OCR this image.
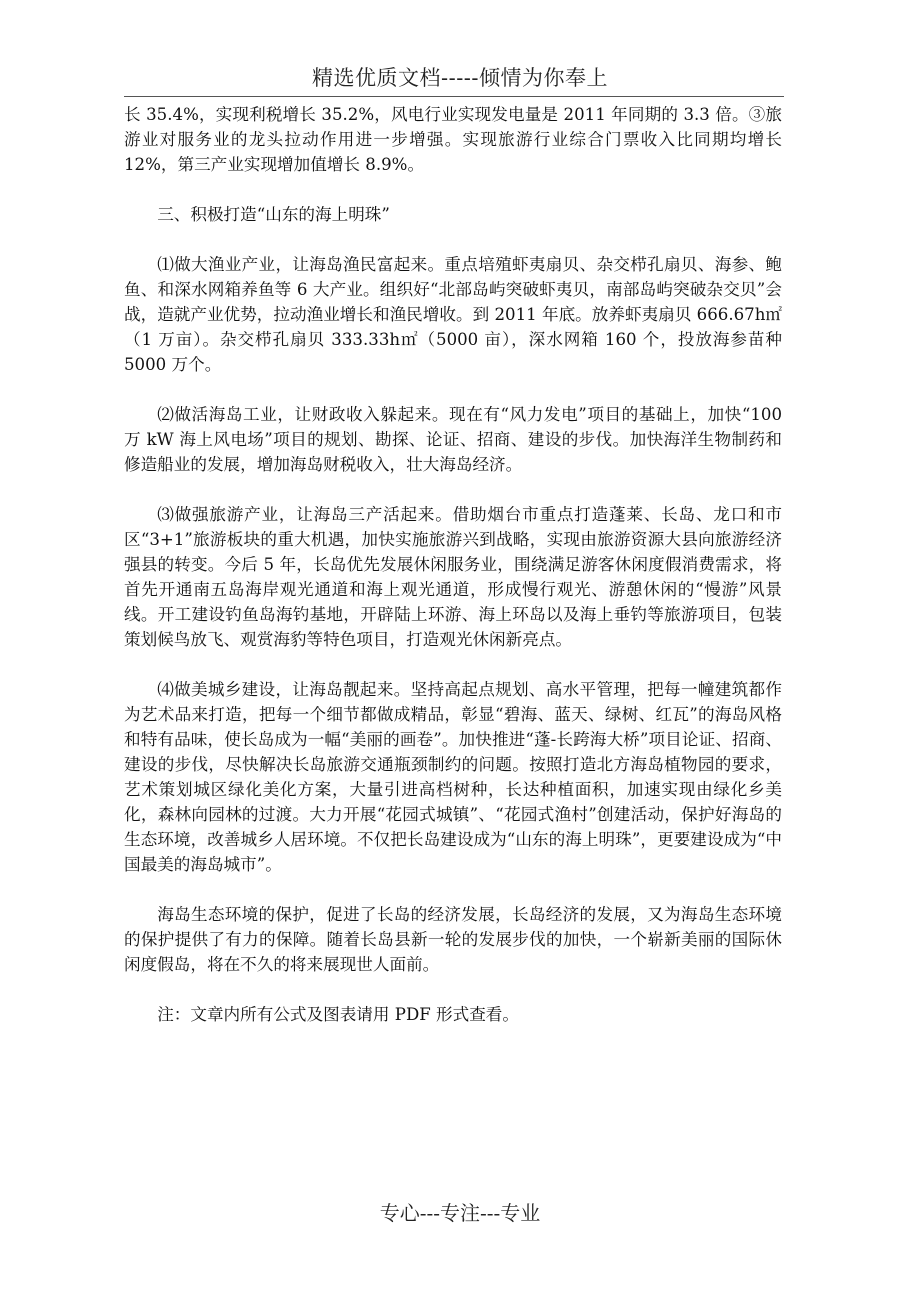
精选优质文档-----倾情为你奉上

长 35.4%，实现利税增长 35.2%，风电行业实现发电量是 2011 年同期的 3.3 倍。③旅游业对服务业的龙头拉动作用进一步增强。实现旅游行业综合门票收入比同期均增长 12%，第三产业实现增加值增长 8.9%。

三、积极打造“山东的海上明珠”

⑴做大渔业产业，让海岛渔民富起来。重点培殖虾夷扇贝、杂交栉孔扇贝、海参、鲍鱼、和深水网箱养鱼等 6 大产业。组织好“北部岛屿突破虾夷贝，南部岛屿突破杂交贝”会战，造就产业优势，拉动渔业增长和渔民增收。到 2011 年底。放养虾夷扇贝 666.67h㎡（1 万亩）。杂交栉孔扇贝 333.33h㎡（5000 亩），深水网箱 160 个，投放海参苗种 5000 万个。

⑵做活海岛工业，让财政收入躲起来。现在有“风力发电”项目的基础上，加快“100 万 kW 海上风电场”项目的规划、勘探、论证、招商、建设的步伐。加快海洋生物制药和修造船业的发展，增加海岛财税收入，壮大海岛经济。

⑶做强旅游产业，让海岛三产活起来。借助烟台市重点打造蓬莱、长岛、龙口和市区“3+1”旅游板块的重大机遇，加快实施旅游兴到战略，实现由旅游资源大县向旅游经济强县的转变。今后 5 年，长岛优先发展休闲服务业，围绕满足游客休闲度假消费需求，将首先开通南五岛海岸观光通道和海上观光通道，形成慢行观光、游憩休闲的“慢游”风景线。开工建设钓鱼岛海钓基地，开辟陆上环游、海上环岛以及海上垂钓等旅游项目，包装策划候鸟放飞、观赏海豹等特色项目，打造观光休闲新亮点。

⑷做美城乡建设，让海岛靓起来。坚持高起点规划、高水平管理，把每一幢建筑都作为艺术品来打造，把每一个细节都做成精品，彰显“碧海、蓝天、绿树、红瓦”的海岛风格和特有品味，使长岛成为一幅“美丽的画卷”。加快推进“蓬-长跨海大桥”项目论证、招商、建设的步伐，尽快解决长岛旅游交通瓶颈制约的问题。按照打造北方海岛植物园的要求，艺术策划城区绿化美化方案，大量引进高档树种，长达种植面积，加速实现由绿化乡美化，森林向园林的过渡。大力开展“花园式城镇”、“花园式渔村”创建活动，保护好海岛的生态环境，改善城乡人居环境。不仅把长岛建设成为“山东的海上明珠”，更要建设成为“中国最美的海岛城市”。

海岛生态环境的保护，促进了长岛的经济发展，长岛经济的发展，又为海岛生态环境的保护提供了有力的保障。随着长岛县新一轮的发展步伐的加快，一个崭新美丽的国际休闲度假岛，将在不久的将来展现世人面前。

注：文章内所有公式及图表请用 PDF 形式查看。

专心---专注---专业
